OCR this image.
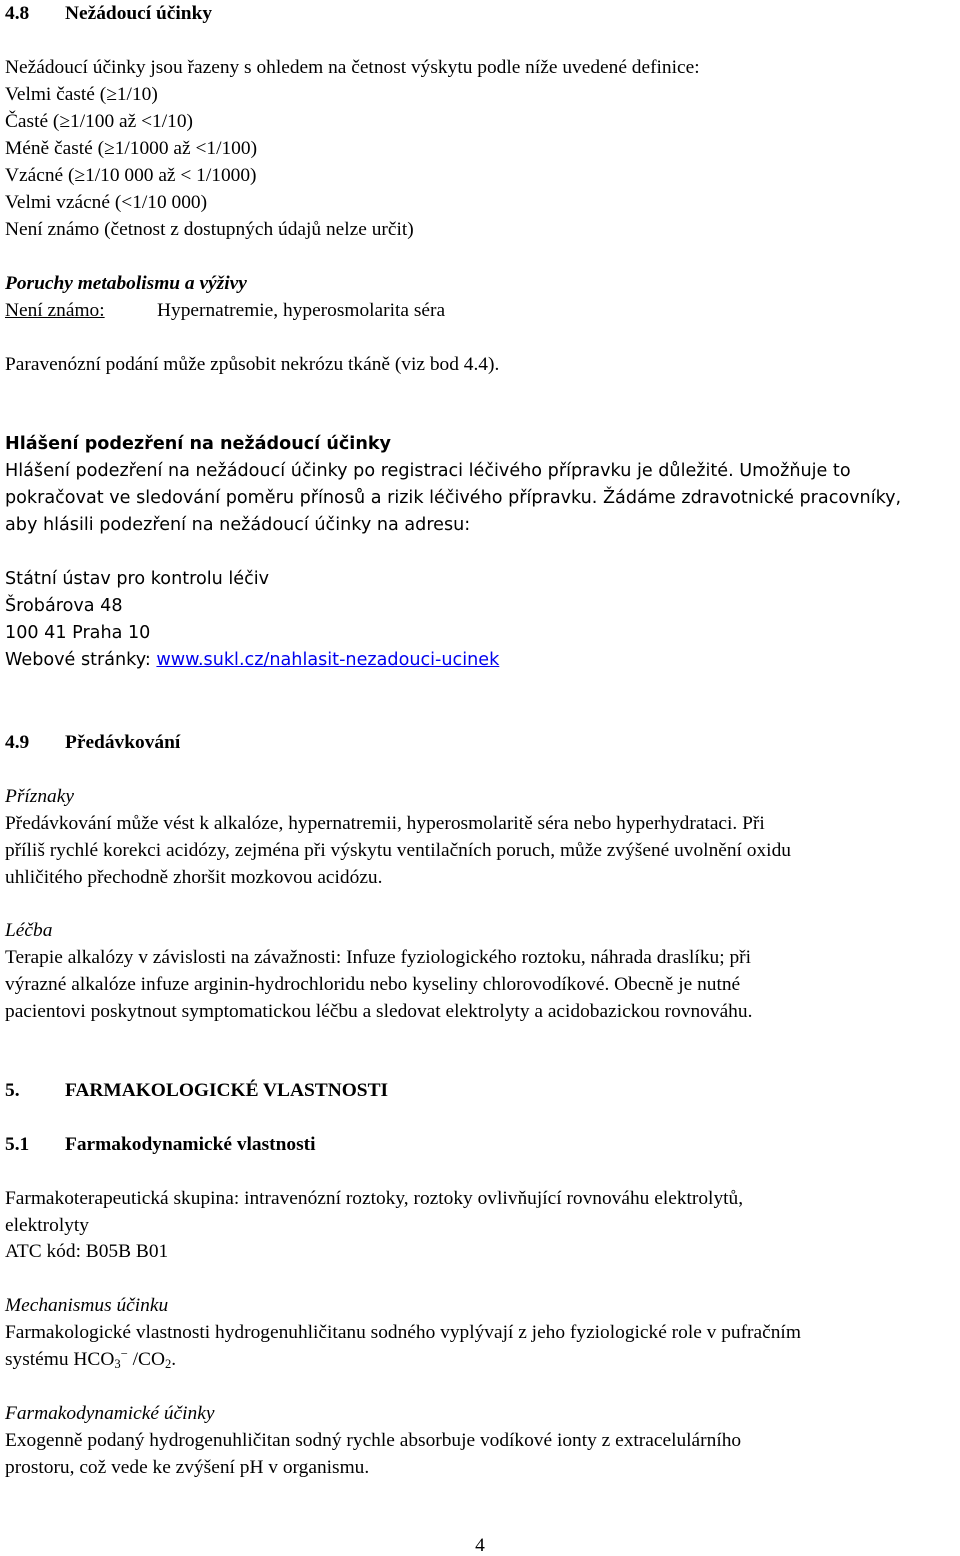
4.8 Nežádoucí účinky
Nežádoucí účinky jsou řazeny s ohledem na četnost výskytu podle níže uvedené definice:
Velmi časté (≥1/10)
Časté (≥1/100 až <1/10)
Méně časté (≥1/1000 až <1/100)
Vzácné (≥1/10 000 až < 1/1000)
Velmi vzácné (<1/10 000)
Není známo (četnost z dostupných údajů nelze určit)
Poruchy metabolismu a výživy
Není známo:	Hypernatremie, hyperosmolarita séra
Paravenózní podání může způsobit nekrózu tkáně (viz bod 4.4).
Hlášení podezření na nežádoucí účinky
Hlášení podezření na nežádoucí účinky po registraci léčivého přípravku je důležité. Umožňuje to
pokračovat ve sledování poměru přínosů a rizik léčivého přípravku. Žádáme zdravotnické pracovníky,
aby hlásili podezření na nežádoucí účinky na adresu:
Státní ústav pro kontrolu léčiv
Šrobárova 48
100 41 Praha 10
Webové stránky: www.sukl.cz/nahlasit-nezadouci-ucinek
4.9 Předávkování
Příznaky
Předávkování může vést k alkalóze, hypernatremii, hyperosmolaritě séra nebo hyperhydrataci. Při
příliš rychlé korekci acidózy, zejména při výskytu ventilačních poruch, může zvýšené uvolnění oxidu
uhličitého přechodně zhoršit mozkovou acidózu.
Léčba
Terapie alkalózy v závislosti na závažnosti: Infuze fyziologického roztoku, náhrada draslíku; při
výrazné alkalóze infuze arginin-hydrochloridu nebo kyseliny chlorovodíkové. Obecně je nutné
pacientovi poskytnout symptomatickou léčbu a sledovat elektrolyty a acidobazickou rovnováhu.
5. FARMAKOLOGICKÉ VLASTNOSTI
5.1 Farmakodynamické vlastnosti
Farmakoterapeutická skupina: intravenózní roztoky, roztoky ovlivňující rovnováhu elektrolytů,
elektrolyty
ATC kód: B05B B01
Mechanismus účinku
Farmakologické vlastnosti hydrogenuhličitanu sodného vyplývají z jeho fyziologické role v pufračním
systému $HCO_3^-$ $/CO_2$.
Farmakodynamické účinky
Exogenně podaný hydrogenuhličitan sodný rychle absorbuje vodíkové ionty z extracelulárního
prostoru, což vede ke zvýšení pH v organismu.
4
